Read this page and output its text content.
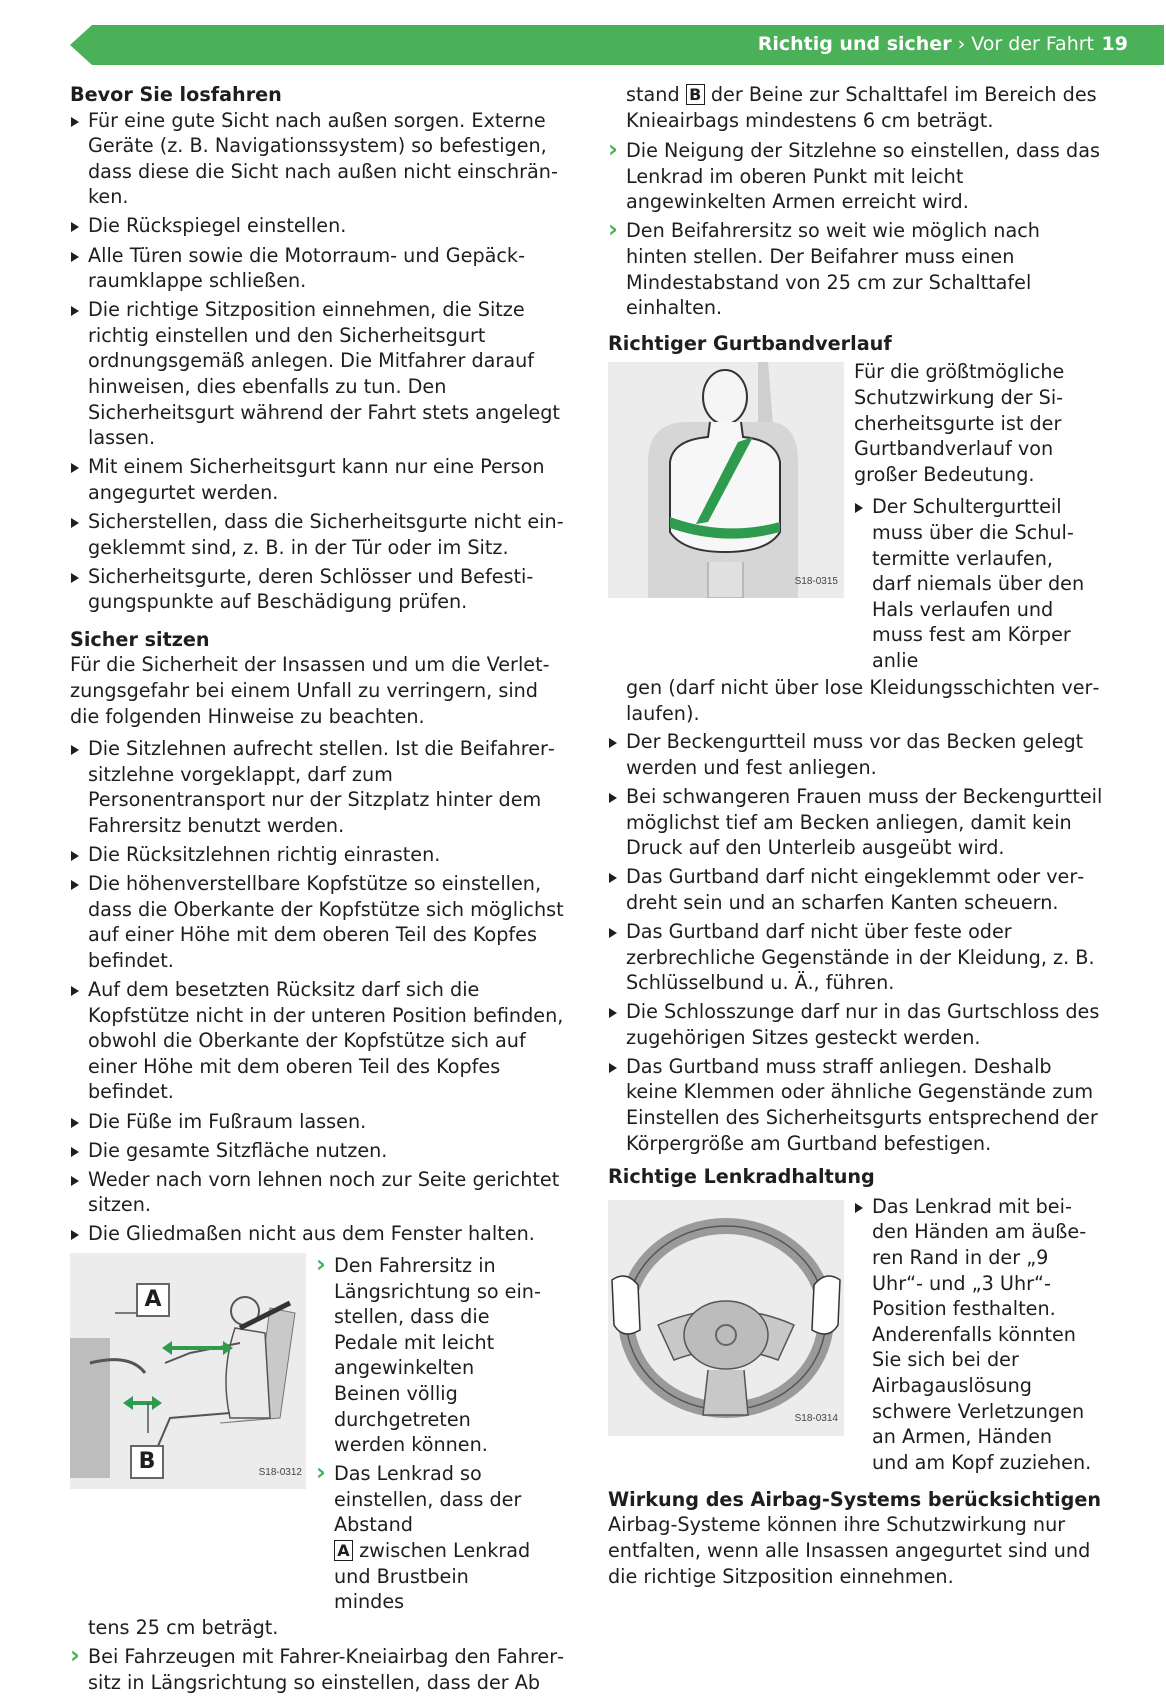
Richtig und sicher › Vor der Fahrt 19
Bevor Sie losfahren
Für eine gute Sicht nach außen sorgen. Externe Geräte (z. B. Navigationssystem) so befestigen, dass diese die Sicht nach außen nicht einschränken.
Die Rückspiegel einstellen.
Alle Türen sowie die Motorraum- und Gepäckraumklappe schließen.
Die richtige Sitzposition einnehmen, die Sitze richtig einstellen und den Sicherheitsgurt ordnungsgemäß anlegen. Die Mitfahrer darauf hinweisen, dies ebenfalls zu tun. Den Sicherheitsgurt während der Fahrt stets angelegt lassen.
Mit einem Sicherheitsgurt kann nur eine Person angegurtet werden.
Sicherstellen, dass die Sicherheitsgurte nicht eingeklemmt sind, z. B. in der Tür oder im Sitz.
Sicherheitsgurte, deren Schlösser und Befestigungspunkte auf Beschädigung prüfen.
Sicher sitzen

Für die Sicherheit der Insassen und um die Verletzungsgefahr bei einem Unfall zu verringern, sind die folgenden Hinweise zu beachten.

Die Sitzlehnen aufrecht stellen. Ist die Beifahrersitzlehne vorgeklappt, darf zum Personentransport nur der Sitzplatz hinter dem Fahrersitz benutzt werden.
Die Rücksitzlehnen richtig einrasten.
Die höhenverstellbare Kopfstütze so einstellen, dass die Oberkante der Kopfstütze sich möglichst auf einer Höhe mit dem oberen Teil des Kopfes befindet.
Auf dem besetzten Rücksitz darf sich die Kopfstütze nicht in der unteren Position befinden, obwohl die Oberkante der Kopfstütze sich auf einer Höhe mit dem oberen Teil des Kopfes befindet.
Die Füße im Fußraum lassen.
Die gesamte Sitzfläche nutzen.
Weder nach vorn lehnen noch zur Seite gerichtet sitzen.
Die Gliedmaßen nicht aus dem Fenster halten.
A
B	S18-0312
› Den Fahrersitz in Längsrichtung so einstellen, dass die Pedale mit leicht angewinkelten Beinen völlig durchgetreten werden können.
› Das Lenkrad so einstellen, dass der Abstand
A zwischen Lenkrad und Brustbein mindes

tens 25 cm beträgt.

› Bei Fahrzeugen mit Fahrer-Kneiairbag den Fahrersitz in Längsrichtung so einstellen, dass der Ab

stand B der Beine zur Schalttafel im Bereich des Knieairbags mindestens 6 cm beträgt.

› Die Neigung der Sitzlehne so einstellen, dass das Lenkrad im oberen Punkt mit leicht angewinkelten Armen erreicht wird.
› Den Beifahrersitz so weit wie möglich nach hinten stellen. Der Beifahrer muss einen Mindestabstand von 25 cm zur Schalttafel einhalten.
Richtiger Gurtbandverlauf
S18-0315

Für die größtmögliche Schutzwirkung der Sicherheitsgurte ist der Gurtbandverlauf von großer Bedeutung.

Der Schultergurtteil muss über die Schultermitte verlaufen, darf niemals über den Hals verlaufen und muss fest am Körper anlie

gen (darf nicht über lose Kleidungsschichten verlaufen).

Der Beckengurtteil muss vor das Becken gelegt werden und fest anliegen.
Bei schwangeren Frauen muss der Beckengurtteil möglichst tief am Becken anliegen, damit kein Druck auf den Unterleib ausgeübt wird.
Das Gurtband darf nicht eingeklemmt oder verdreht sein und an scharfen Kanten scheuern.
Das Gurtband darf nicht über feste oder zerbrechliche Gegenstände in der Kleidung, z. B. Schlüsselbund u. Ä., führen.
Die Schlosszunge darf nur in das Gurtschloss des zugehörigen Sitzes gesteckt werden.
Das Gurtband muss straff anliegen. Deshalb keine Klemmen oder ähnliche Gegenstände zum Einstellen des Sicherheitsgurts entsprechend der Körpergröße am Gurtband befestigen.
Richtige Lenkradhaltung
S18-0314
Das Lenkrad mit beiden Händen am äußeren Rand in der „9 Uhr“- und „3 Uhr“-Position festhalten. Anderenfalls könnten Sie sich bei der Airbagauslösung schwere Verletzungen an Armen, Händen und am Kopf zuziehen.
Wirkung des Airbag-Systems berücksichtigen

Airbag-Systeme können ihre Schutzwirkung nur entfalten, wenn alle Insassen angegurtet sind und die richtige Sitzposition einnehmen.
